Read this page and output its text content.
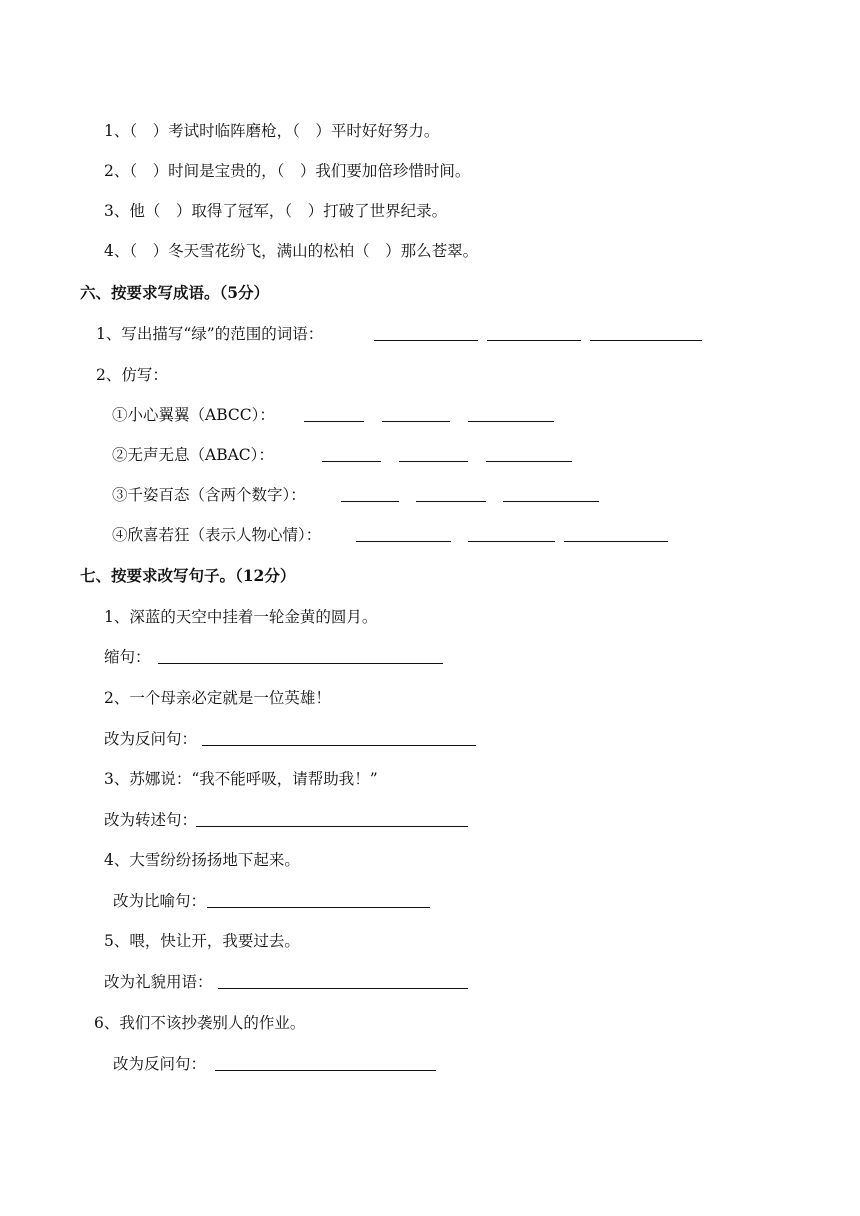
1、（　）考试时临阵磨枪，（　）平时好好努力。
2、（　）时间是宝贵的，（　）我们要加倍珍惜时间。
3、他（　）取得了冠军，（　）打破了世界纪录。
4、（　）冬天雪花纷飞，满山的松柏（　）那么苍翠。
六、按要求写成语。（5分）
1、写出描写“绿”的范围的词语：
2、仿写：
①小心翼翼（ABCC）：
②无声无息（ABAC）：
③千姿百态（含两个数字）：
④欣喜若狂（表示人物心情）：
七、按要求改写句子。（12分）
1、深蓝的天空中挂着一轮金黄的圆月。
缩句：
2、一个母亲必定就是一位英雄！
改为反问句：
3、苏娜说：“我不能呼吸，请帮助我！”
改为转述句：
4、大雪纷纷扬扬地下起来。
改为比喻句：
5、喂，快让开，我要过去。
改为礼貌用语：
6、我们不该抄袭别人的作业。
改为反问句：
